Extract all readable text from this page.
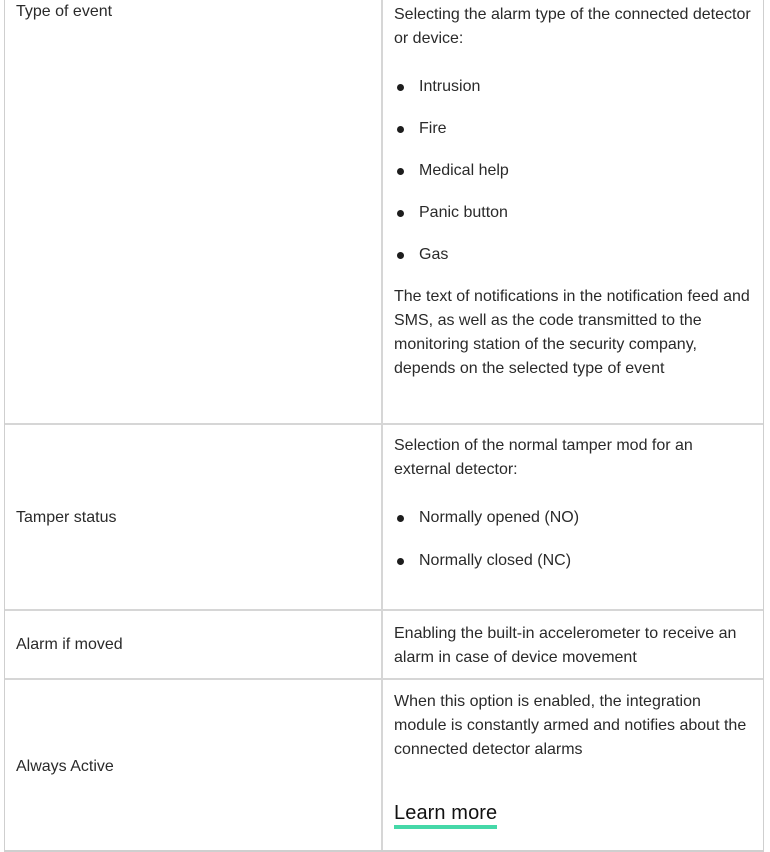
Type of event	Selecting the alarm type of the connected detector or device:

Intrusion
Fire
Medical help
Panic button
Gas

The text of notifications in the notification feed and SMS, as well as the code transmitted to the monitoring station of the security company, depends on the selected type of event

Tamper status

Selection of the normal tamper mod for an external detector:

Normally opened (NO)
Normally closed (NC)
Alarm if moved

Enabling the built-in accelerometer to receive an alarm in case of device movement

Always Active

When this option is enabled, the integration module is constantly armed and notifies about the connected detector alarms

Learn more
